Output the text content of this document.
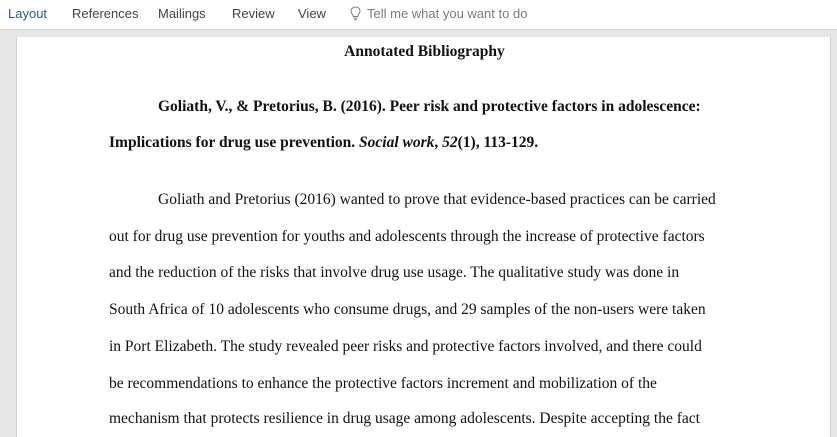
Layout References Mailings Review View	Tell me what you want to do
Annotated Bibliography
Goliath, V., & Pretorius, B. (2016). Peer risk and protective factors in adolescence:
Implications for drug use prevention. Social work, 52(1), 113-129.
Goliath and Pretorius (2016) wanted to prove that evidence-based practices can be carried
out for drug use prevention for youths and adolescents through the increase of protective factors
and the reduction of the risks that involve drug use usage. The qualitative study was done in
South Africa of 10 adolescents who consume drugs, and 29 samples of the non-users were taken
in Port Elizabeth. The study revealed peer risks and protective factors involved, and there could
be recommendations to enhance the protective factors increment and mobilization of the
mechanism that protects resilience in drug usage among adolescents. Despite accepting the fact
